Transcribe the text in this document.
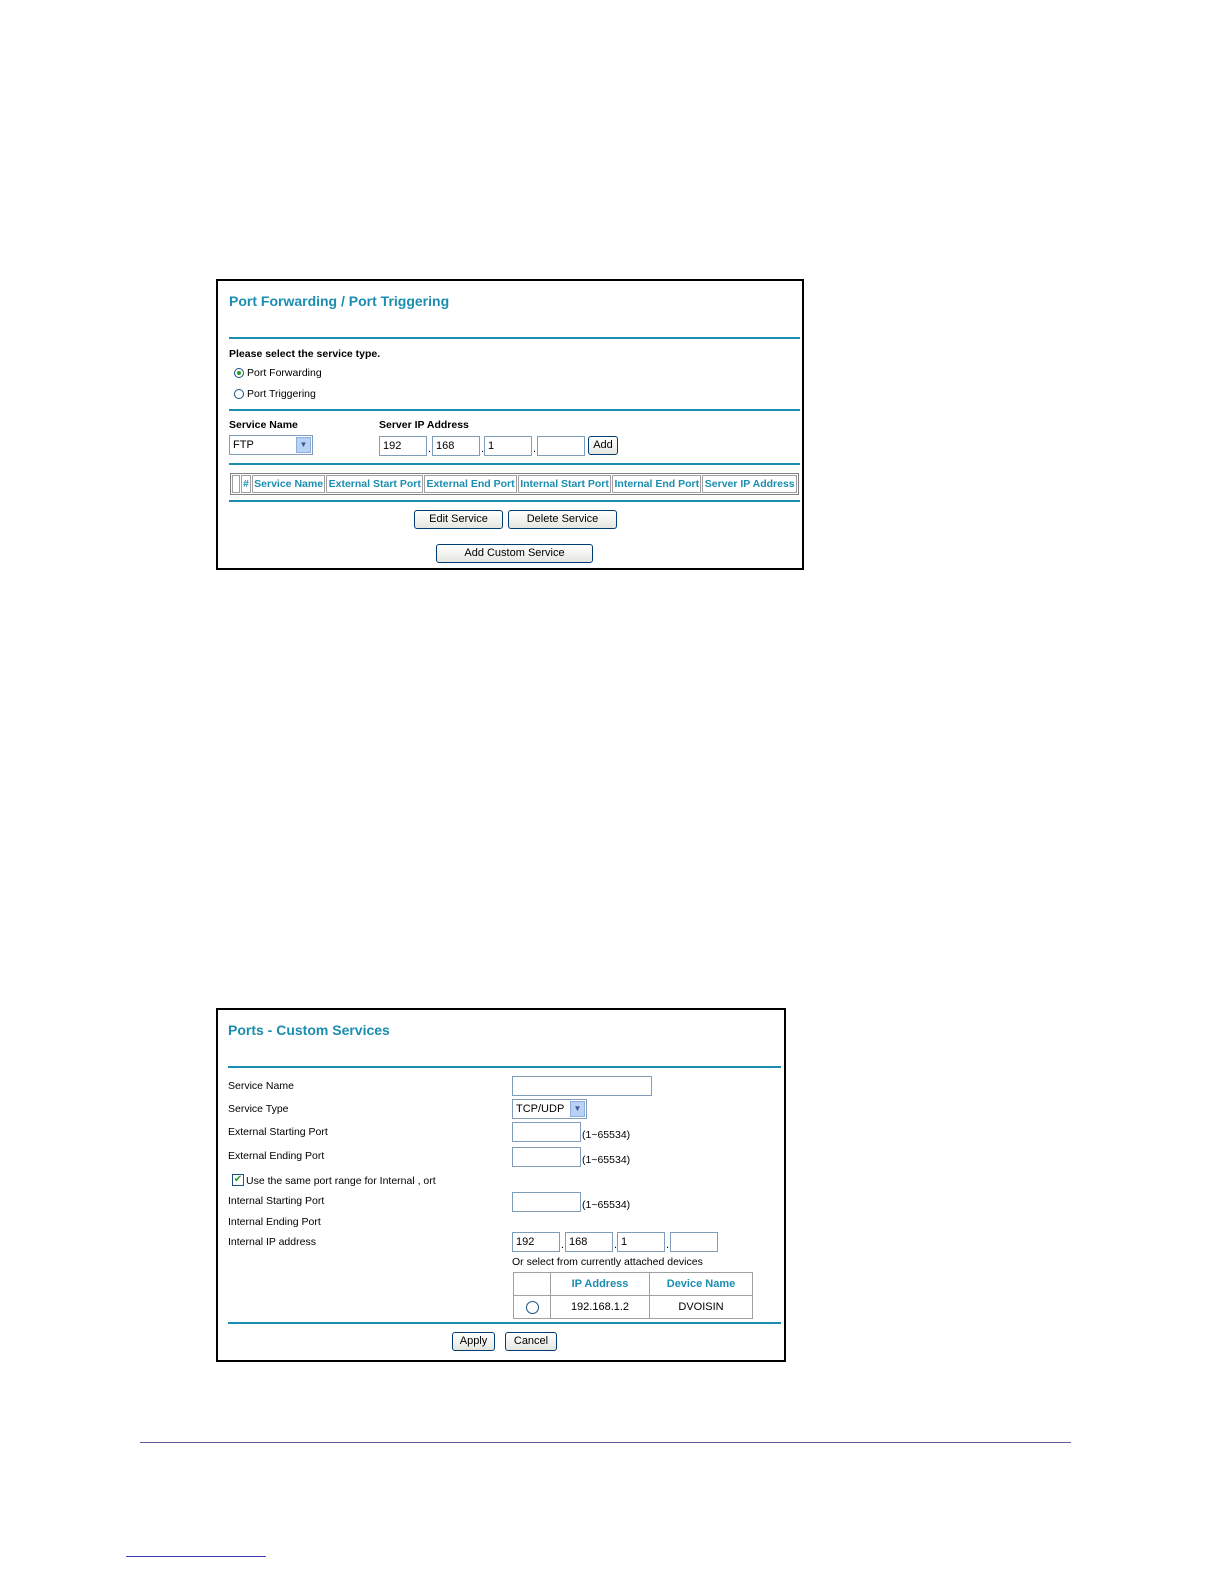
Port Forwarding / Port Triggering
Please select the service type.
Port Forwarding
Port Triggering
Service Name	Server IP Address
FTP	▼	192	. 168	. 1	.	Add
	#	Service Name	External Start Port	External End Port	Internal Start Port	Internal End Port	Server IP Address
Edit Service	Delete Service
Add Custom Service
Ports - Custom Services
Service Name
Service Type	TCP/UDP	▼
External Starting Port	(1~65534)
External Ending Port	(1~65534)
✔ Use the same port range for Internal , ort
Internal Starting Port	(1~65534)
Internal Ending Port
Internal IP address	192	. 168	. 1	.
Or select from currently attached devices
	IP Address	Device Name
	192.168.1.2	DVOISIN
Apply	Cancel
